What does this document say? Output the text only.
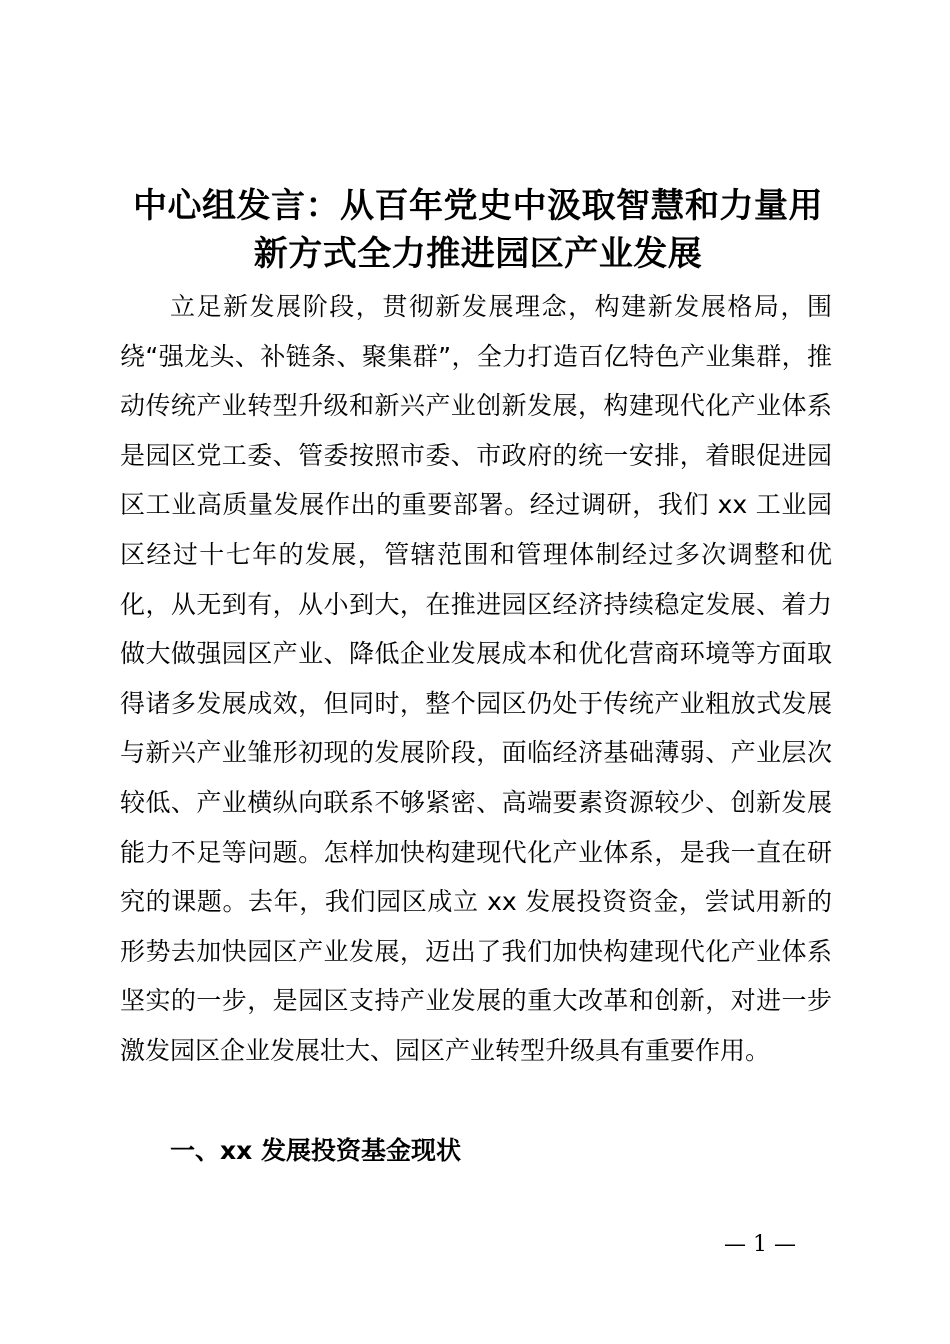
中心组发言：从百年党史中汲取智慧和力量用
新方式全力推进园区产业发展

立足新发展阶段，贯彻新发展理念，构建新发展格局，围绕“强龙头、补链条、聚集群”，全力打造百亿特色产业集群，推动传统产业转型升级和新兴产业创新发展，构建现代化产业体系是园区党工委、管委按照市委、市政府的统一安排，着眼促进园区工业高质量发展作出的重要部署。经过调研，我们 xx 工业园区经过十七年的发展，管辖范围和管理体制经过多次调整和优化，从无到有，从小到大，在推进园区经济持续稳定发展、着力做大做强园区产业、降低企业发展成本和优化营商环境等方面取得诸多发展成效，但同时，整个园区仍处于传统产业粗放式发展与新兴产业雏形初现的发展阶段，面临经济基础薄弱、产业层次较低、产业横纵向联系不够紧密、高端要素资源较少、创新发展能力不足等问题。怎样加快构建现代化产业体系，是我一直在研究的课题。去年，我们园区成立 xx 发展投资资金，尝试用新的形势去加快园区产业发展，迈出了我们加快构建现代化产业体系坚实的一步，是园区支持产业发展的重大改革和创新，对进一步激发园区企业发展壮大、园区产业转型升级具有重要作用。

一、xx 发展投资基金现状

— 1 —
